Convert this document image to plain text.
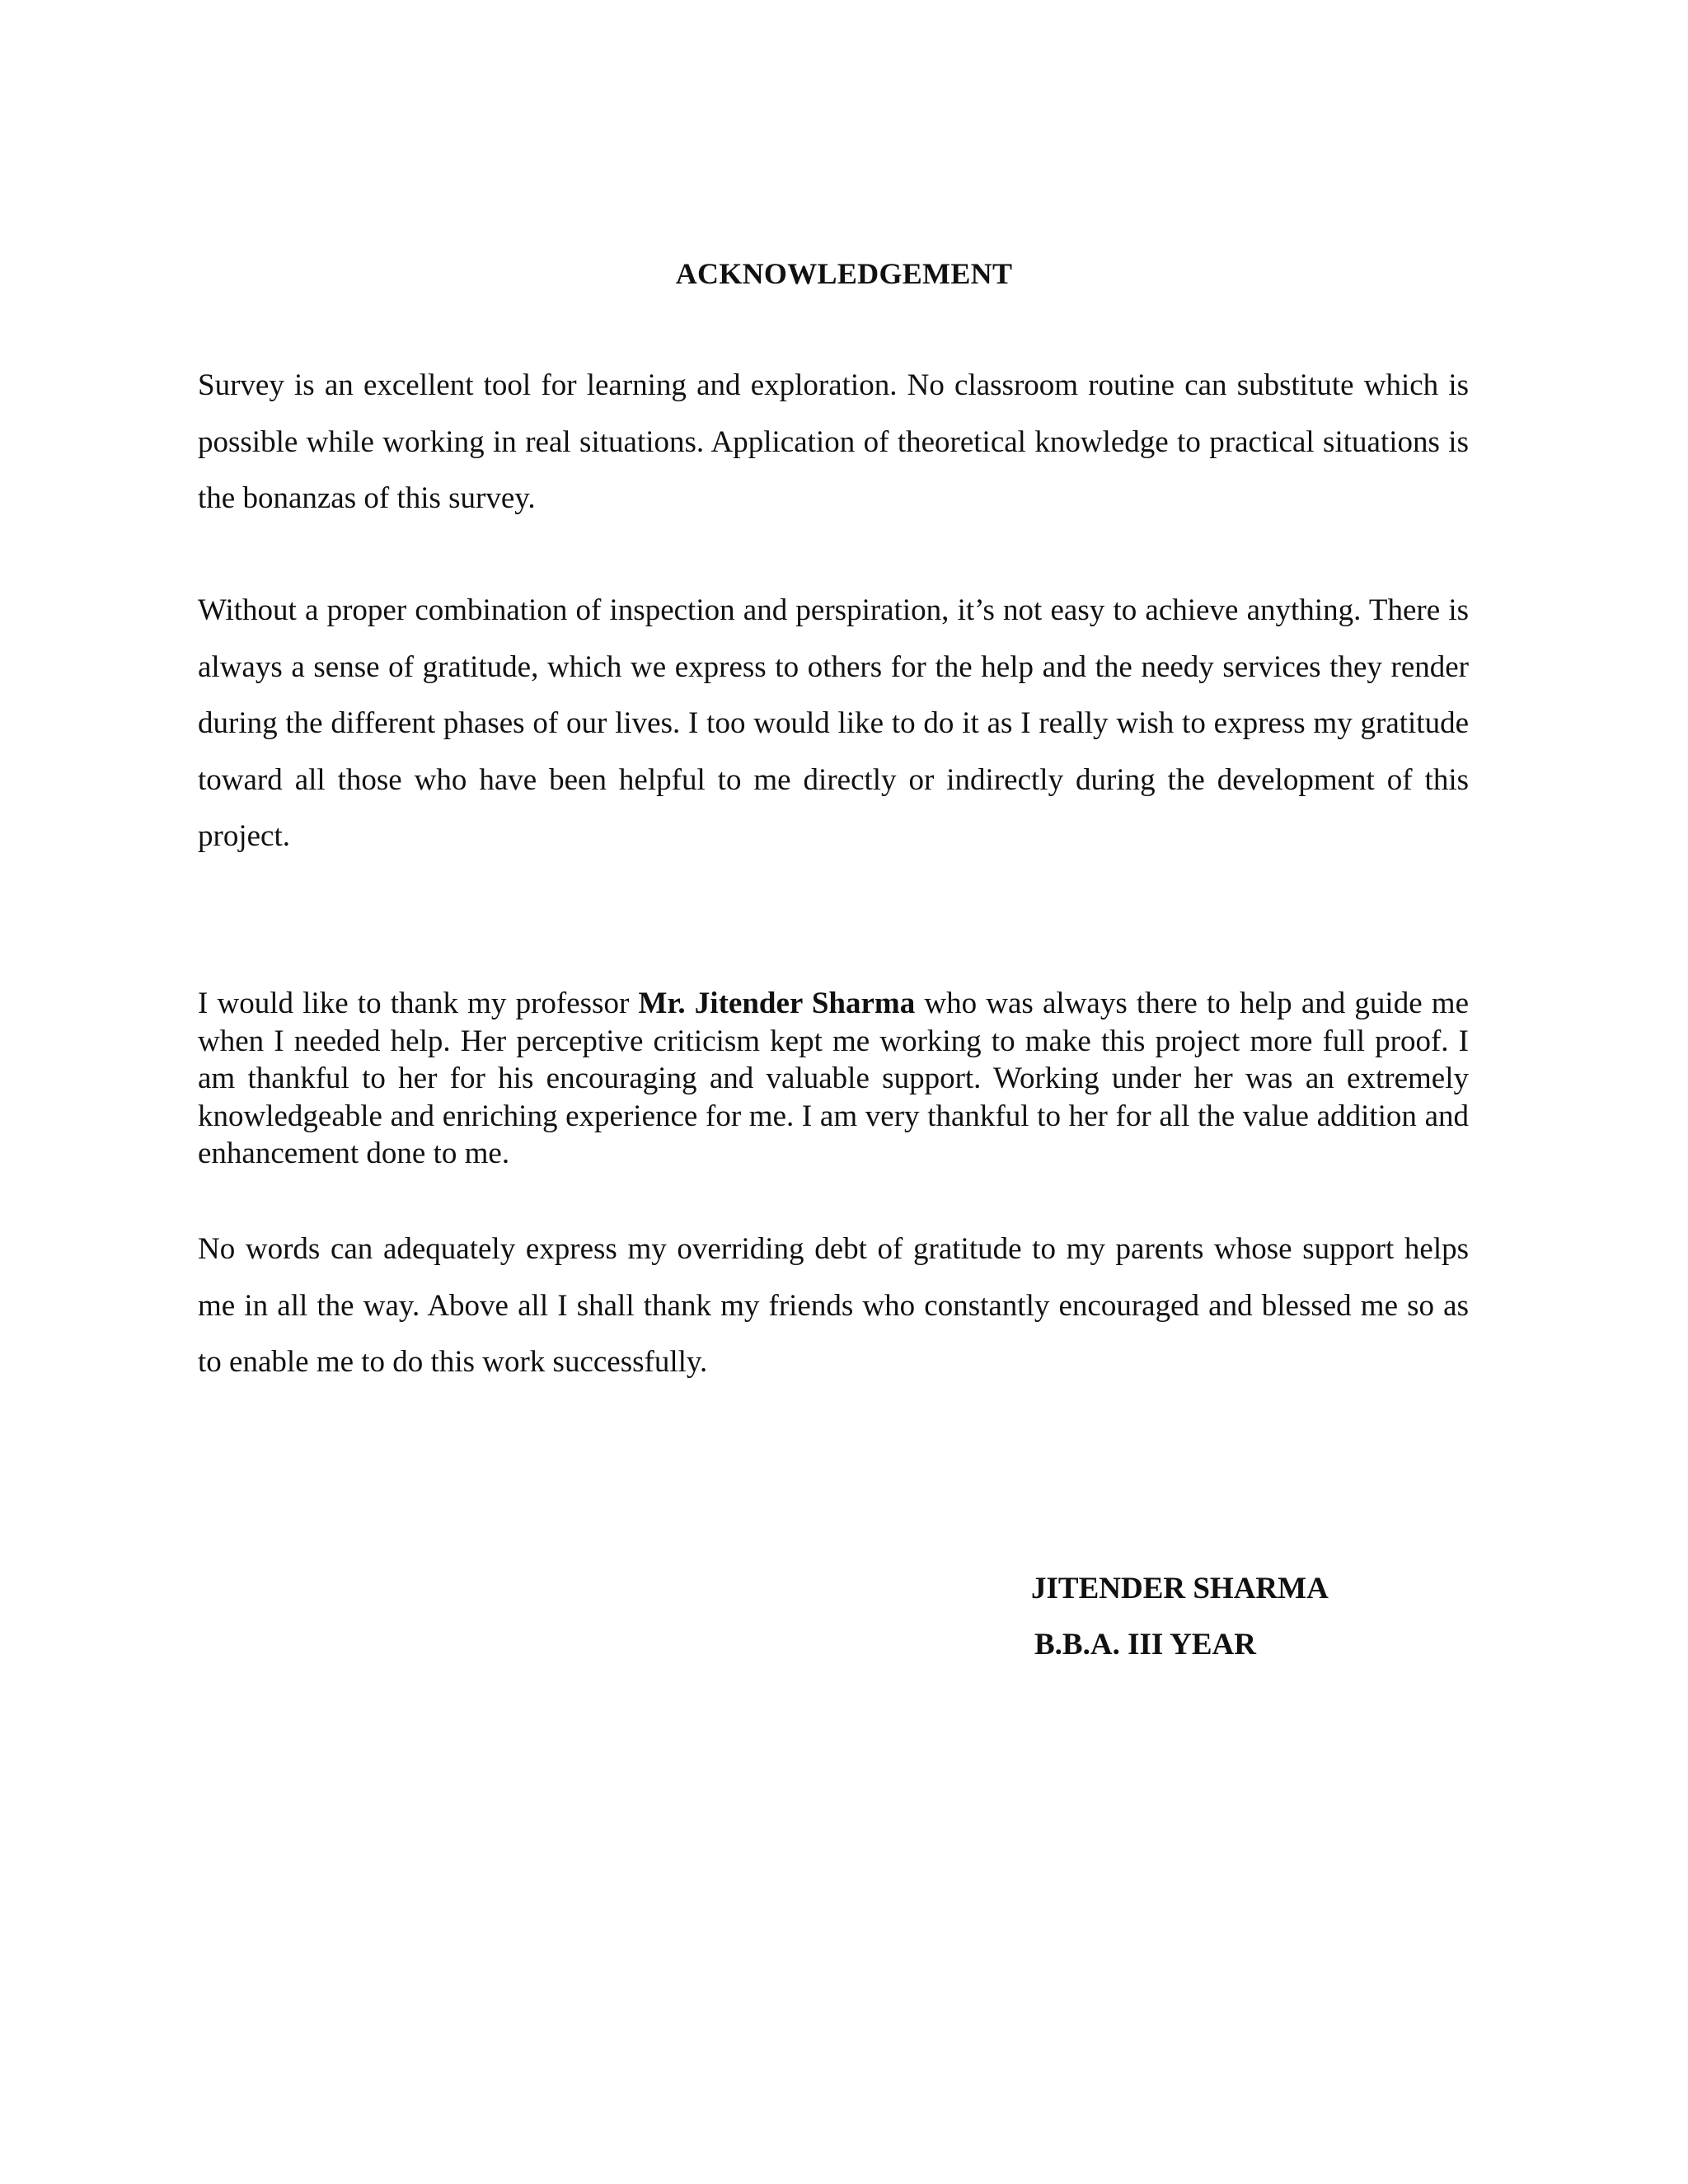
ACKNOWLEDGEMENT

Survey is an excellent tool for learning and exploration. No classroom routine can substitute which is possible while working in real situations. Application of theoretical knowledge to practical situations is the bonanzas of this survey.

Without a proper combination of inspection and perspiration, it’s not easy to achieve anything. There is always a sense of gratitude, which we express to others for the help and the needy services they render during the different phases of our lives. I too would like to do it as I really wish to express my gratitude toward all those who have been helpful to me directly or indirectly during the development of this project.

I would like to thank my professor Mr. Jitender Sharma who was always there to help and guide me when I needed help. Her perceptive criticism kept me working to make this project more full proof. I am thankful to her for his encouraging and valuable support. Working under her was an extremely knowledgeable and enriching experience for me. I am very thankful to her for all the value addition and enhancement done to me.

No words can adequately express my overriding debt of gratitude to my parents whose support helps me in all the way. Above all I shall thank my friends who constantly encouraged and blessed me so as to enable me to do this work successfully.

JITENDER SHARMA

B.B.A. III YEAR
